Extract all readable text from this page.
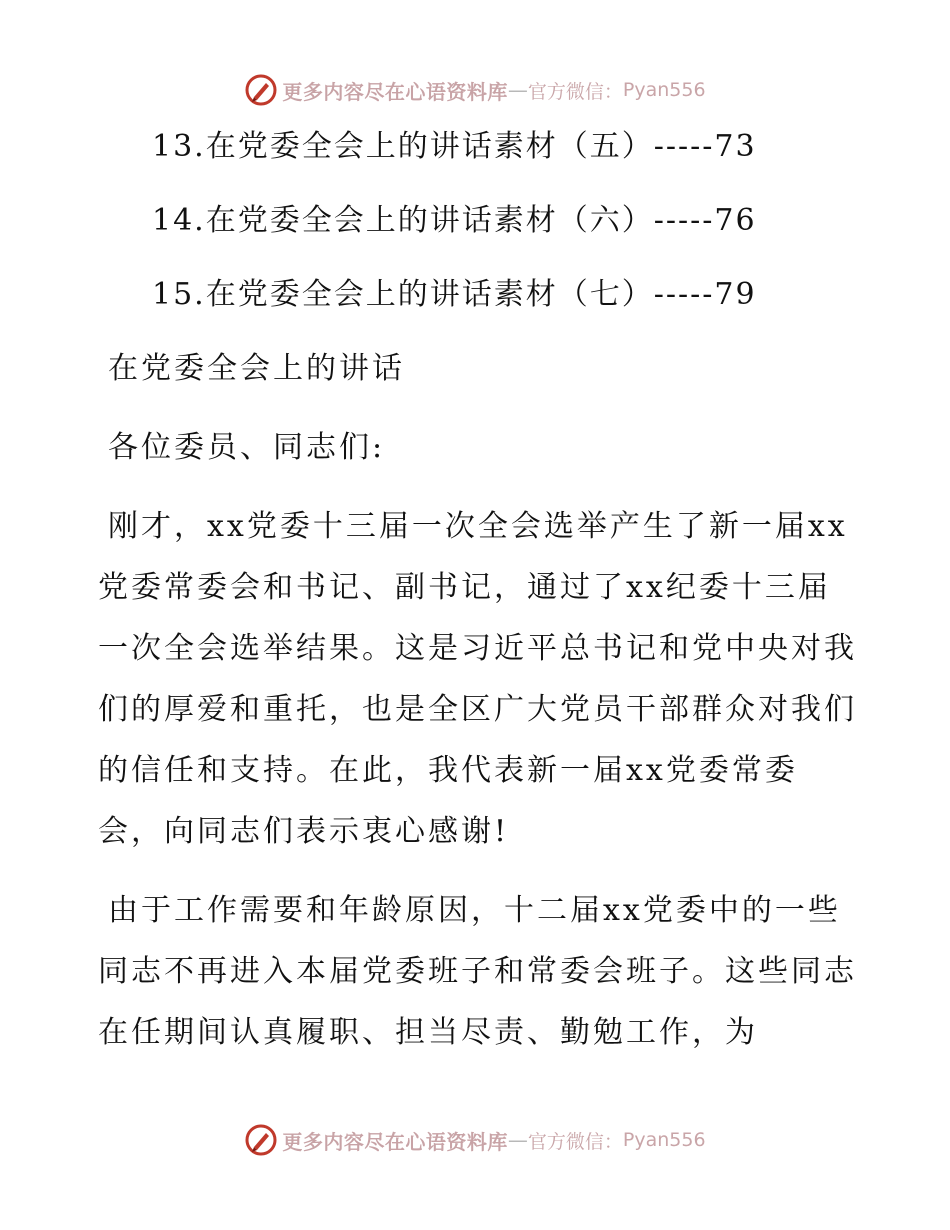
更多内容尽在心语资料库 — 官方微信： Pyan556
13.在党委全会上的讲话素材（五）-----73
14.在党委全会上的讲话素材（六）-----76
15.在党委全会上的讲话素材（七）-----79
在党委全会上的讲话
各位委员、同志们:

刚才，xx党委十三届一次全会选举产生了新一届xx党委常委会和书记、副书记，通过了xx纪委十三届一次全会选举结果。这是习近平总书记和党中央对我们的厚爱和重托，也是全区广大党员干部群众对我们的信任和支持。在此，我代表新一届xx党委常委会，向同志们表示衷心感谢!

由于工作需要和年龄原因，十二届xx党委中的一些同志不再进入本届党委班子和常委会班子。这些同志在任期间认真履职、担当尽责、勤勉工作，为

更多内容尽在心语资料库 — 官方微信： Pyan556
